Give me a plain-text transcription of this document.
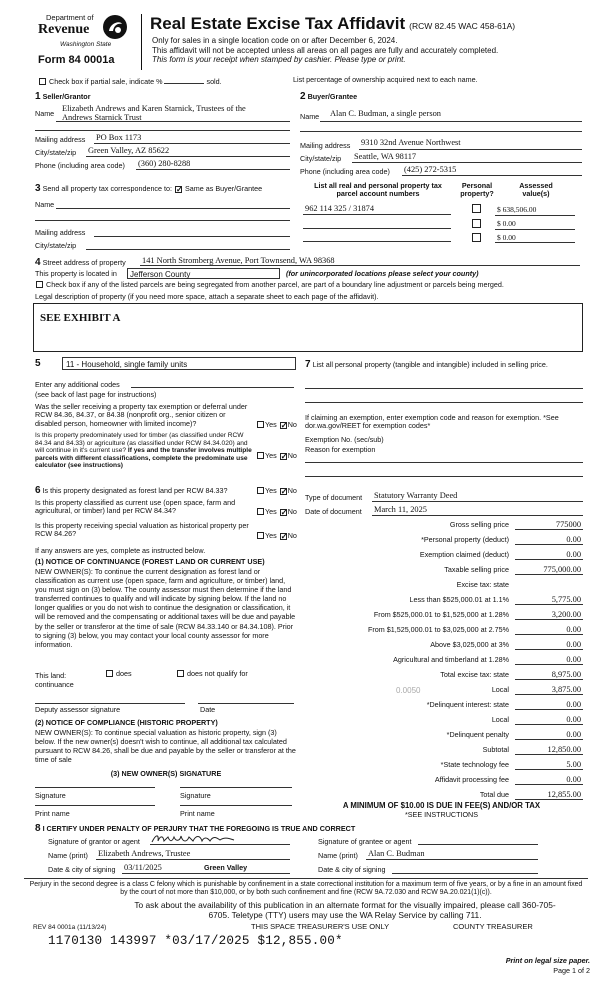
Department of
Revenue
Washington State
Form 84 0001a
Real Estate Excise Tax Affidavit (RCW 82.45 WAC 458-61A)
Only for sales in a single location code on or after December 6, 2024.
This affidavit will not be accepted unless all areas on all pages are fully and accurately completed.
This form is your receipt when stamped by cashier. Please type or print.
Check box if partial sale, indicate %	sold.	List percentage of ownership acquired next to each name.
1 Seller/Grantor
Name
Elizabeth Andrews and Karen Starnick, Trustees of the
Andrews Starnick Trust
Mailing address PO Box 1173
City/state/zip Green Valley, AZ 85622
Phone (including area code) (360) 280-8288
2 Buyer/Grantee
Name Alan C. Budman, a single person
Mailing address 9310 32nd Avenue Northwest
City/state/zip Seattle, WA 98117
Phone (including area code) (425) 272-5315
3 Send all property tax correspondence to: ✓ Same as Buyer/Grantee
Name
Mailing address
City/state/zip
List all real and personal property tax parcel account numbers
Personal property?
Assessed value(s)
962 114 325 / 31874	$ 638,506.00
$ 0.00
$ 0.00
4 Street address of property 141 North Stromberg Avenue, Port Townsend, WA 98368
This property is located in	Jefferson County	(for unincorporated locations please select your county)
Check box if any of the listed parcels are being segregated from another parcel, are part of a boundary line adjustment or parcels being merged.
Legal description of property (if you need more space, attach a separate sheet to each page of the affidavit).
SEE EXHIBIT A
5	11 - Household, single family units
Enter any additional codes
(see back of last page for instructions)
Was the seller receiving a property tax exemption or deferral under RCW 84.36, 84.37, or 84.38 (nonprofit org., senior citizen or disabled person, homeowner with limited income)?	Yes ✓ No
Is this property predominately used for timber (as classified under RCW 84.34 and 84.33) or agriculture (as classified under RCW 84.34.020) and will continue in it's current use? If yes and the transfer involves multiple parcels with different classifications, complete the predominate use calculator (see instructions)
Yes ✓ No
6 Is this property designated as forest land per RCW 84.33?	Yes ✓ No
Is this property classified as current use (open space, farm and agricultural, or timber) land per RCW 84.34?	Yes ✓ No
Is this property receiving special valuation as historical property per RCW 84.26?	Yes ✓ No
If any answers are yes, complete as instructed below.
(1) NOTICE OF CONTINUANCE (FOREST LAND OR CURRENT USE)
NEW OWNER(S): To continue the current designation as forest land or classification as current use (open space, farm and agriculture, or timber) land, you must sign on (3) below. The county assessor must then determine if the land transferred continues to qualify and will indicate by signing below. If the land no longer qualifies or you do not wish to continue the designation or classification, it will be removed and the compensating or additional taxes will be due and payable by the seller or transferor at the time of sale (RCW 84.33.140 or 84.34.108). Prior to signing (3) below, you may contact your local county assessor for more information.
This land:
continuance
does	does not qualify for
Deputy assessor signature	Date
(2) NOTICE OF COMPLIANCE (HISTORIC PROPERTY)
NEW OWNER(S): To continue special valuation as historic property, sign (3) below. If the new owner(s) doesn't wish to continue, all additional tax calculated pursuant to RCW 84.26, shall be due and payable by the seller or transferor at the time of sale
(3) NEW OWNER(S) SIGNATURE
Signature	Signature
Print name	Print name
7 List all personal property (tangible and intangible) included in selling price.
If claiming an exemption, enter exemption code and reason for exemption. *See dor.wa.gov/REET for exemption codes*
Exemption No. (sec/sub)
Reason for exemption
Type of document Statutory Warranty Deed
Date of document March 11, 2025
Gross selling price	775000
*Personal property (deduct)	0.00
Exemption claimed (deduct)	0.00
Taxable selling price	775,000.00
Excise tax: state
Less than $525,000.01 at 1.1%	5,775.00
From $525,000.01 to $1,525,000 at 1.28%	3,200.00
From $1,525,000.01 to $3,025,000 at 2.75%	0.00
Above $3,025,000 at 3%	0.00
Agricultural and timberland at 1.28%	0.00
Total excise tax: state	8,975.00
0.0050	Local	3,875.00
*Delinquent interest: state	0.00
Local	0.00
*Delinquent penalty	0.00
Subtotal	12,850.00
*State technology fee	5.00
Affidavit processing fee	0.00
Total due	12,855.00
A MINIMUM OF $10.00 IS DUE IN FEE(S) AND/OR TAX
*SEE INSTRUCTIONS
8 I CERTIFY UNDER PENALTY OF PERJURY THAT THE FOREGOING IS TRUE AND CORRECT
Signature of grantor or agent	Signature of grantee or agent
Name (print) Elizabeth Andrews, Trustee	Name (print) Alan C. Budman
Date & city of signing 03/11/2025	Green Valley	Date & city of signing
Perjury in the second degree is a class C felony which is punishable by confinement in a state correctional institution for a maximum term of five years, or by a fine in an amount fixed by the court of not more than $10,000, or by both such confinement and fine (RCW 9A.72.030 and RCW 9A.20.021(1)(c)).
To ask about the availability of this publication in an alternate format for the visually impaired, please call 360-705-6705. Teletype (TTY) users may use the WA Relay Service by calling 711.
REV 84 0001a (11/13/24)	THIS SPACE TREASURER'S USE ONLY	COUNTY TREASURER
1170130 143997 *03/17/2025 $12,855.00*
Print on legal size paper.
Page 1 of 2
